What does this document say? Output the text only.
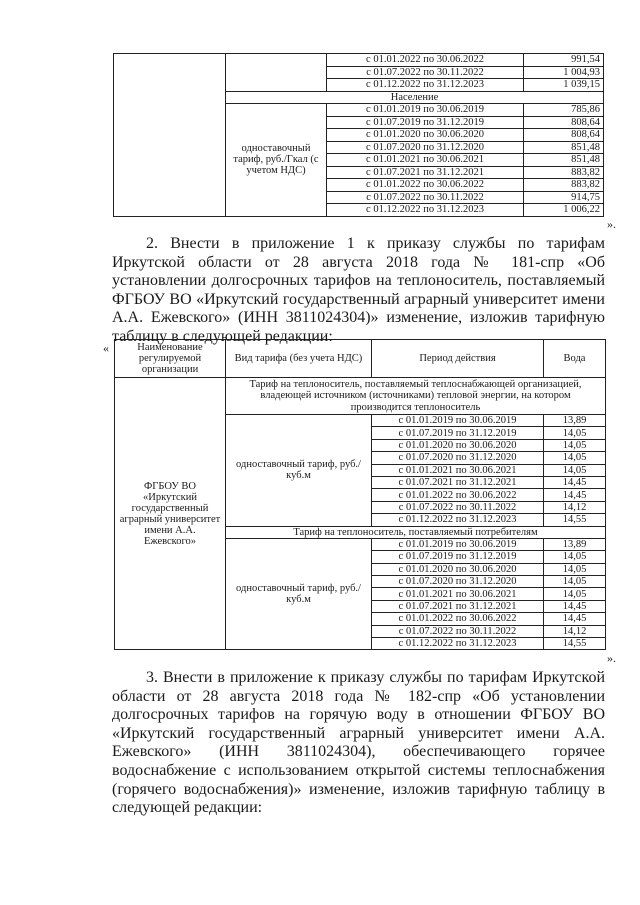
		с 01.01.2022 по 30.06.2022	991,54
		с 01.07.2022 по 30.11.2022	1 004,93
		с 01.12.2022 по 31.12.2023	1 039,15
	Население		
	одноставочный тариф, руб./Гкал (с учетом НДС)	с 01.01.2019 по 30.06.2019	785,86
		с 01.07.2019 по 31.12.2019	808,64
		с 01.01.2020 по 30.06.2020	808,64
		с 01.07.2020 по 31.12.2020	851,48
		с 01.01.2021 по 30.06.2021	851,48
		с 01.07.2021 по 31.12.2021	883,82
		с 01.01.2022 по 30.06.2022	883,82
		с 01.07.2022 по 30.11.2022	914,75
		с 01.12.2022 по 31.12.2023	1 006,22
».
2. Внести в приложение 1 к приказу службы по тарифам Иркутской области от 28 августа 2018 года № 181-спр «Об установлении долгосрочных тарифов на теплоноситель, поставляемый ФГБОУ ВО «Иркутский государственный аграрный университет имени А.А. Ежевского» (ИНН 3811024304)» изменение, изложив тарифную таблицу в следующей редакции:
«	Наименование регулируемой организации	Вид тарифа (без учета НДС)	Период действия	Вода
ФГБОУ ВО «Иркутский государственный аграрный университет имени А.А. Ежевского»	Тариф на теплоноситель, поставляемый теплоснабжающей организацией, владеющей источником (источниками) тепловой энергии, на котором производится теплоноситель		
	одноставочный тариф, руб./куб.м	с 01.01.2019 по 30.06.2019	13,89
		с 01.07.2019 по 31.12.2019	14,05
		с 01.01.2020 по 30.06.2020	14,05
		с 01.07.2020 по 31.12.2020	14,05
		с 01.01.2021 по 30.06.2021	14,05
		с 01.07.2021 по 31.12.2021	14,45
		с 01.01.2022 по 30.06.2022	14,45
		с 01.07.2022 по 30.11.2022	14,12
		с 01.12.2022 по 31.12.2023	14,55
	Тариф на теплоноситель, поставляемый потребителям		
	одноставочный тариф, руб./куб.м	с 01.01.2019 по 30.06.2019	13,89
		с 01.07.2019 по 31.12.2019	14,05
		с 01.01.2020 по 30.06.2020	14,05
		с 01.07.2020 по 31.12.2020	14,05
		с 01.01.2021 по 30.06.2021	14,05
		с 01.07.2021 по 31.12.2021	14,45
		с 01.01.2022 по 30.06.2022	14,45
		с 01.07.2022 по 30.11.2022	14,12
		с 01.12.2022 по 31.12.2023	14,55
».
3. Внести в приложение к приказу службы по тарифам Иркутской области от 28 августа 2018 года № 182-спр «Об установлении долгосрочных тарифов на горячую воду в отношении ФГБОУ ВО «Иркутский государственный аграрный университет имени А.А. Ежевского» (ИНН 3811024304), обеспечивающего горячее водоснабжение с использованием открытой системы теплоснабжения (горячего водоснабжения)» изменение, изложив тарифную таблицу в следующей редакции:
